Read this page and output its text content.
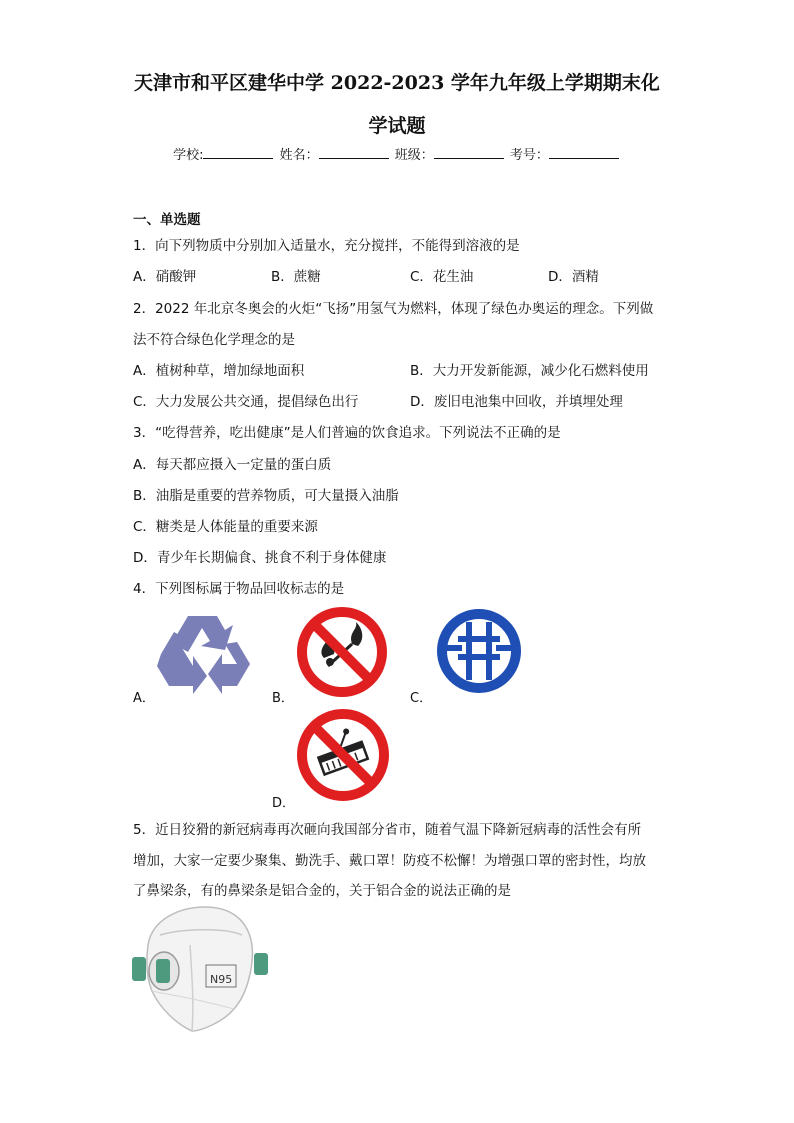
天津市和平区建华中学 2022-2023 学年九年级上学期期末化
学试题
学校:	姓名：	班级：	考号：
一、单选题
1．向下列物质中分别加入适量水，充分搅拌，不能得到溶液的是
A．硝酸钾	B．蔗糖	C．花生油	D．酒精
2．2022 年北京冬奥会的火炬“飞扬”用氢气为燃料，体现了绿色办奥运的理念。下列做
法不符合绿色化学理念的是
A．植树种草，增加绿地面积	B．大力开发新能源，减少化石燃料使用
C．大力发展公共交通，提倡绿色出行	D．废旧电池集中回收，并填埋处理
3．“吃得营养，吃出健康”是人们普遍的饮食追求。下列说法不正确的是
A．每天都应摄入一定量的蛋白质
B．油脂是重要的营养物质，可大量摄入油脂
C．糖类是人体能量的重要来源
D．青少年长期偏食、挑食不利于身体健康
4．下列图标属于物品回收标志的是
A．	B．	C．
D．
5．近日狡猾的新冠病毒再次砸向我国部分省市，随着气温下降新冠病毒的活性会有所
增加，大家一定要少聚集、勤洗手、戴口罩！防疫不松懈！为增强口罩的密封性，均放
了鼻梁条，有的鼻梁条是铝合金的，关于铝合金的说法正确的是
N95
